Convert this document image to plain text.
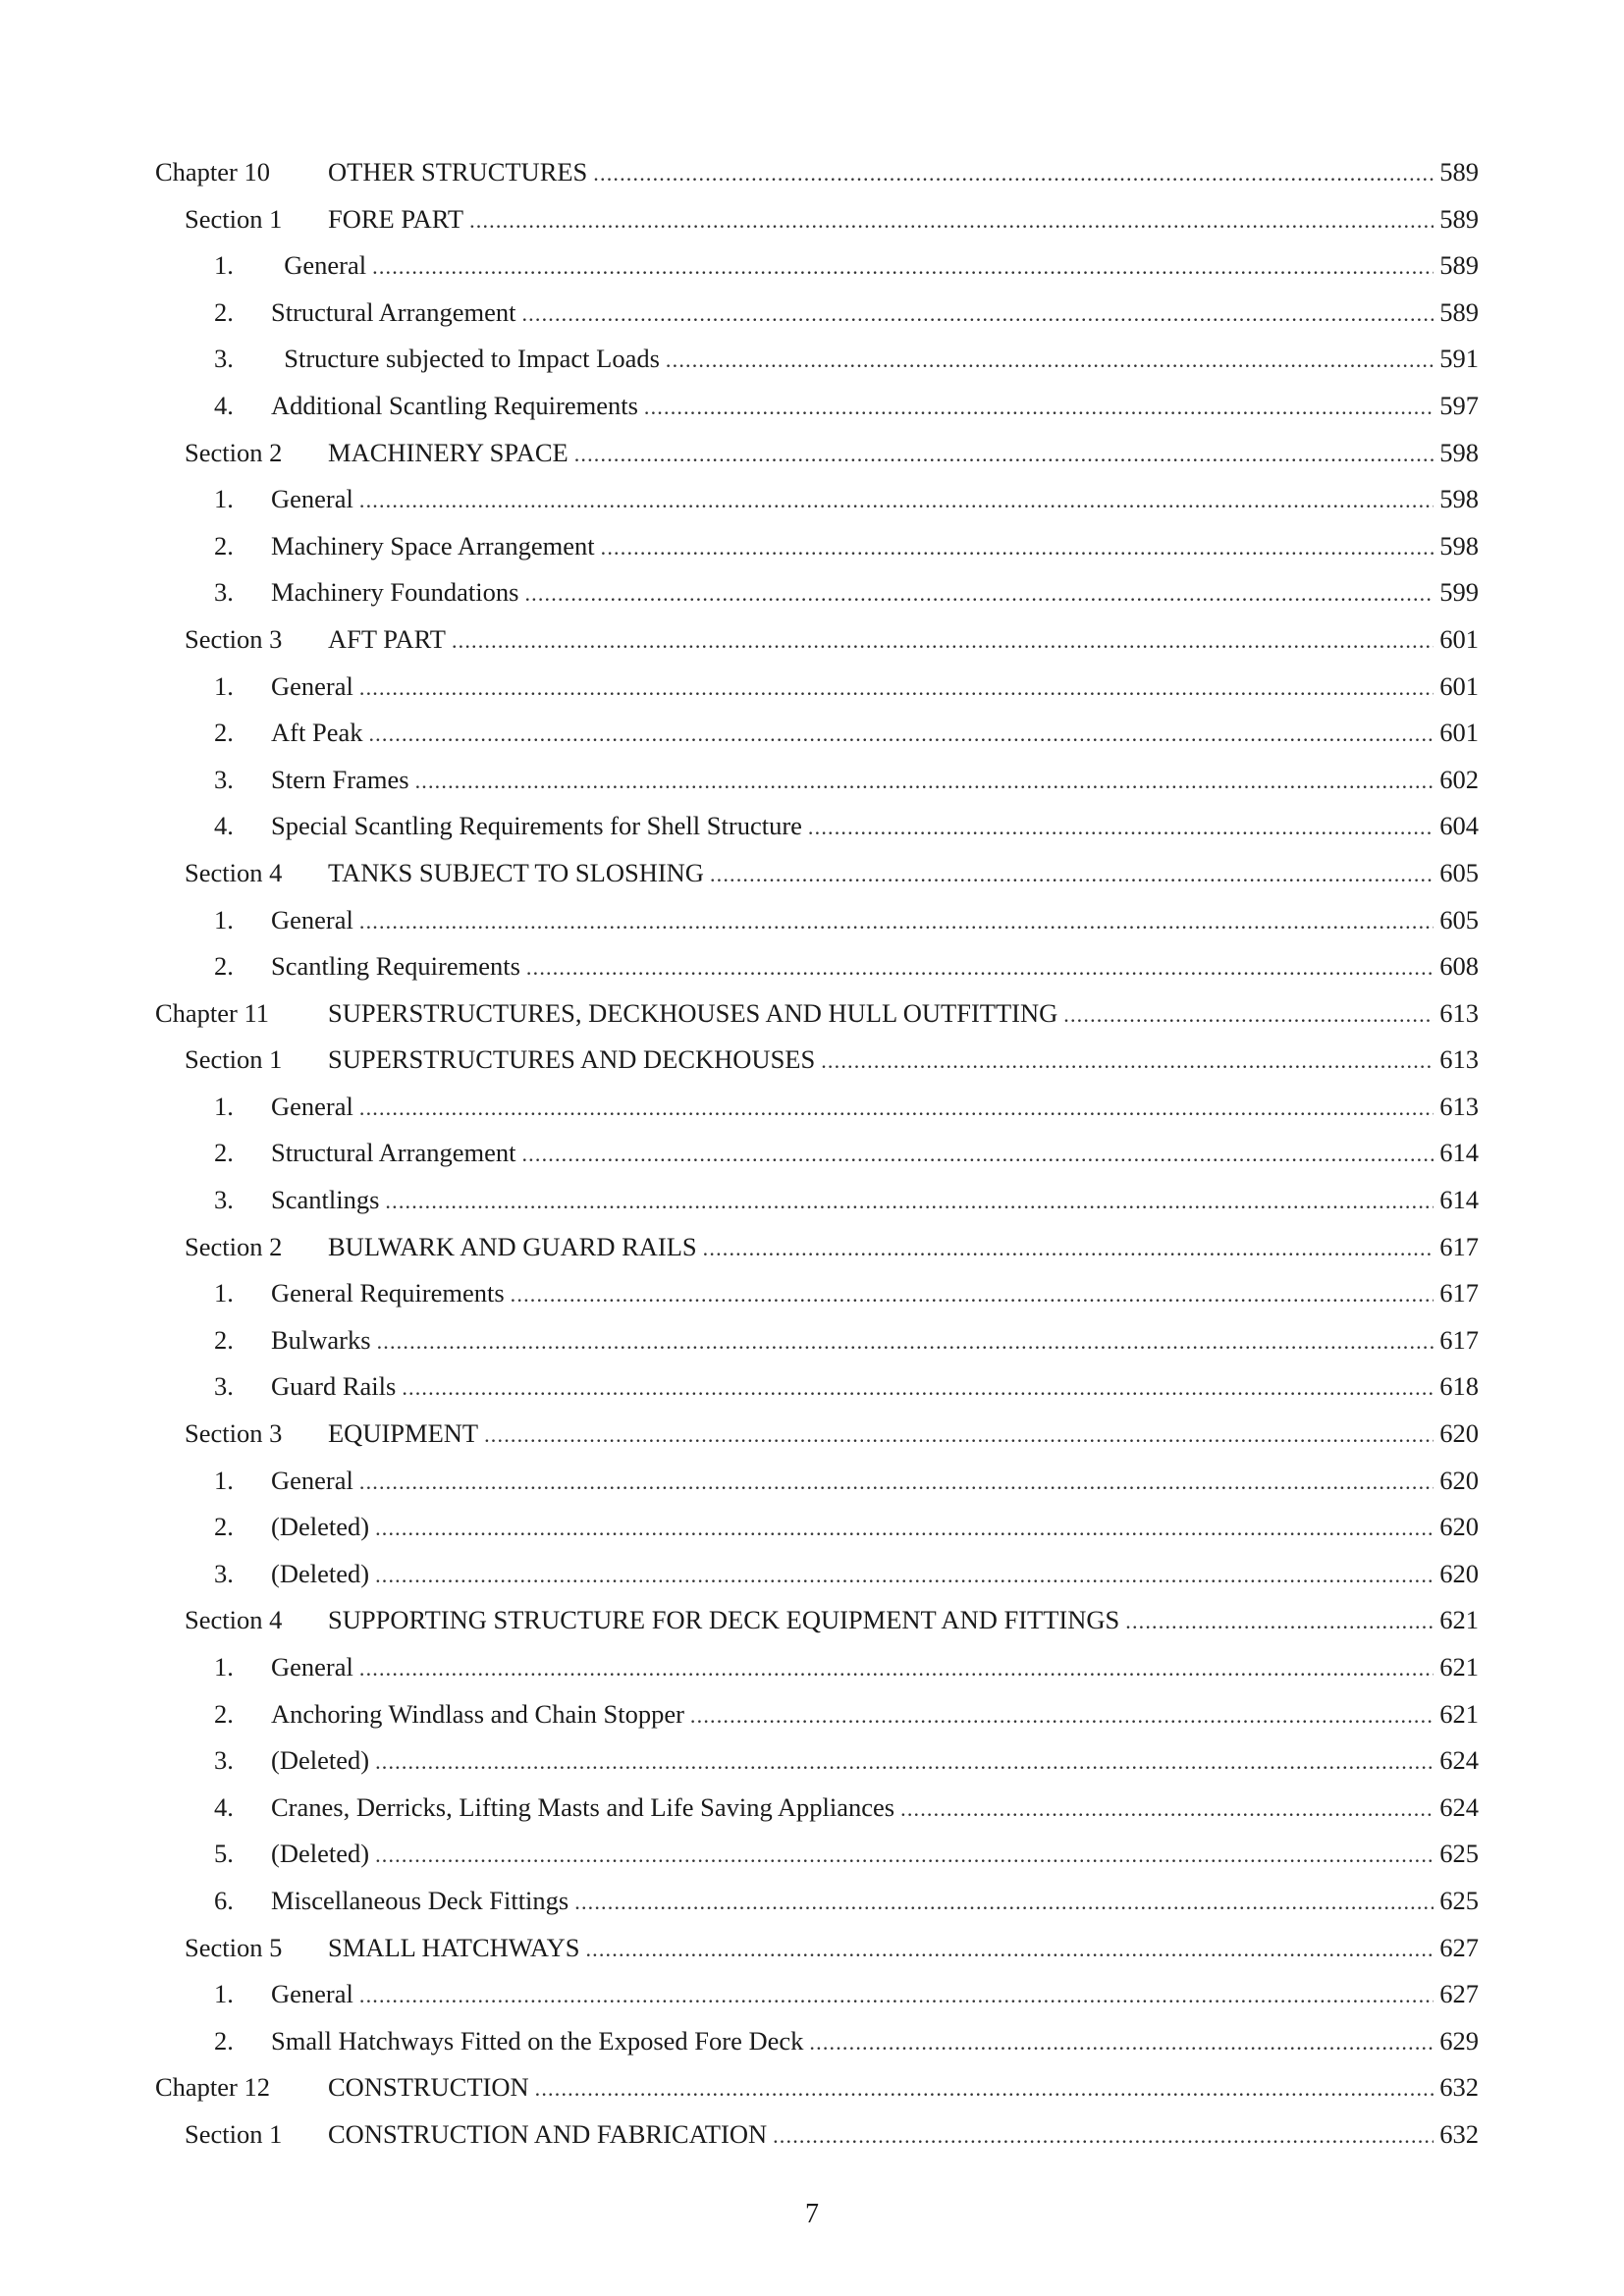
Chapter 10	OTHER STRUCTURES .....	589
Section 1	FORE PART .....	589
1.	General .....	589
2.	Structural Arrangement .....	589
3.	Structure subjected to Impact Loads .....	591
4.	Additional Scantling Requirements .....	597
Section 2	MACHINERY SPACE .....	598
1.	General .....	598
2.	Machinery Space Arrangement .....	598
3.	Machinery Foundations .....	599
Section 3	AFT PART .....	601
1.	General .....	601
2.	Aft Peak .....	601
3.	Stern Frames .....	602
4.	Special Scantling Requirements for Shell Structure .....	604
Section 4	TANKS SUBJECT TO SLOSHING .....	605
1.	General .....	605
2.	Scantling Requirements .....	608
Chapter 11	SUPERSTRUCTURES, DECKHOUSES AND HULL OUTFITTING .....	613
Section 1	SUPERSTRUCTURES AND DECKHOUSES .....	613
1.	General .....	613
2.	Structural Arrangement .....	614
3.	Scantlings .....	614
Section 2	BULWARK AND GUARD RAILS .....	617
1.	General Requirements .....	617
2.	Bulwarks .....	617
3.	Guard Rails .....	618
Section 3	EQUIPMENT .....	620
1.	General .....	620
2.	(Deleted) .....	620
3.	(Deleted) .....	620
Section 4	SUPPORTING STRUCTURE FOR DECK EQUIPMENT AND FITTINGS .....	621
1.	General .....	621
2.	Anchoring Windlass and Chain Stopper .....	621
3.	(Deleted) .....	624
4.	Cranes, Derricks, Lifting Masts and Life Saving Appliances .....	624
5.	(Deleted) .....	625
6.	Miscellaneous Deck Fittings .....	625
Section 5	SMALL HATCHWAYS .....	627
1.	General .....	627
2.	Small Hatchways Fitted on the Exposed Fore Deck .....	629
Chapter 12	CONSTRUCTION .....	632
Section 1	CONSTRUCTION AND FABRICATION .....	632
7
